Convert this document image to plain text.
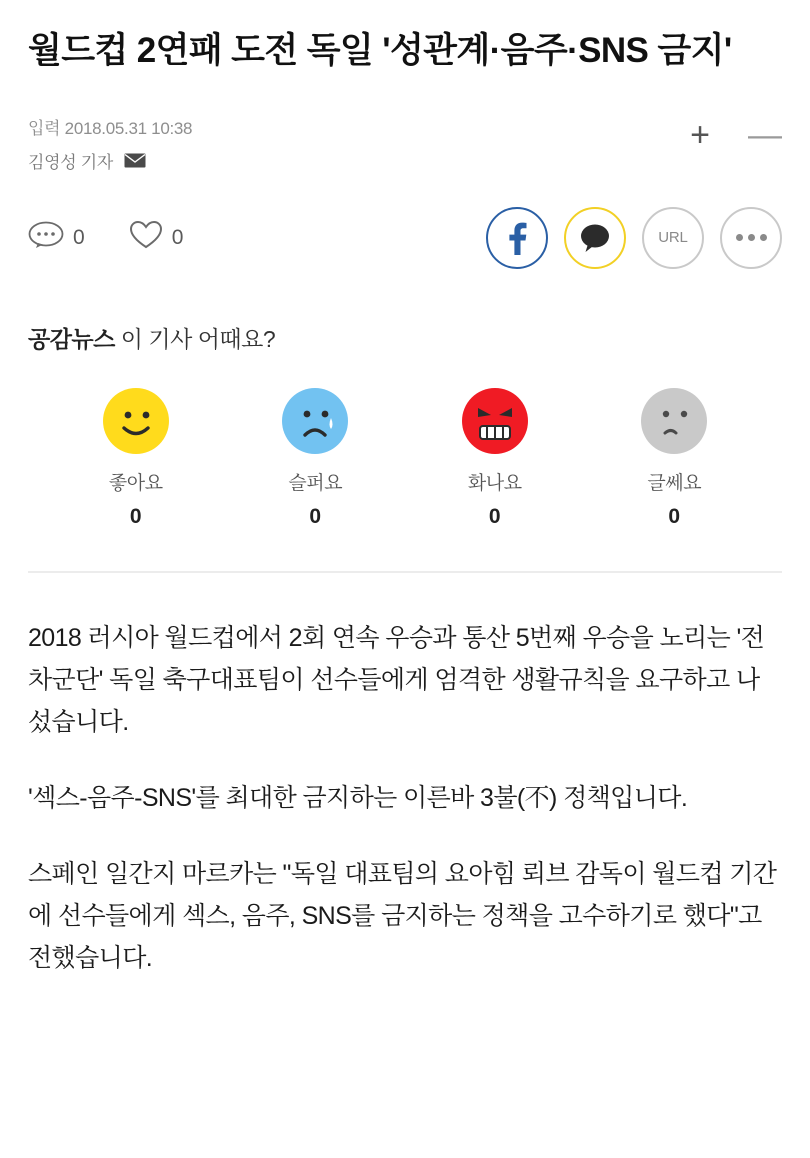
월드컵 2연패 도전 독일 '성관계·음주·SNS 금지'
입력 2018.05.31 10:38
김영성 기자
+ —
0	0	URL
공감뉴스 이 기사 어때요?
좋아요
0
슬퍼요
0
화나요
0
글쎄요
0

2018 러시아 월드컵에서 2회 연속 우승과 통산 5번째 우승을 노리는 '전차군단' 독일 축구대표팀이 선수들에게 엄격한 생활규칙을 요구하고 나섰습니다.

'섹스-음주-SNS'를 최대한 금지하는 이른바 3불(不) 정책입니다.

스페인 일간지 마르카는 "독일 대표팀의 요아힘 뢰브 감독이 월드컵 기간에 선수들에게 섹스, 음주, SNS를 금지하는 정책을 고수하기로 했다"고 전했습니다.
